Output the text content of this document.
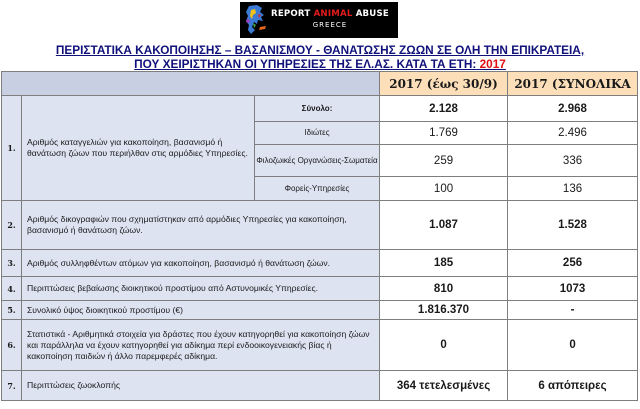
REPORT ANIMAL ABUSE
GREECE
ΠΕΡΙΣΤΑΤΙΚΑ ΚΑΚΟΠΟΙΗΣΗΣ – ΒΑΣΑΝΙΣΜΟΥ - ΘΑΝΑΤΩΣΗΣ ΖΩΩΝ ΣΕ ΟΛΗ ΤΗΝ ΕΠΙΚΡΑΤΕΙΑ,
ΠΟΥ ΧΕΙΡΙΣΤΗΚΑΝ ΟΙ ΥΠΗΡΕΣΙΕΣ ΤΗΣ ΕΛ.ΑΣ. ΚΑΤΑ ΤΑ ΕΤΗ: 2017
			2017 (έως 30/9)	2017 (ΣΥΝΟΛΙΚΑ
1.	Αριθμός καταγγελιών για κακοποίηση, βασανισμό ή θανάτωση ζώων που περιήλθαν στις αρμόδιες Υπηρεσίες.	Σύνολο:	2.128	2.968
		Ιδιώτες	1.769	2.496
		Φιλοζωικές Οργανώσεις-Σωματεία	259	336
		Φορείς-Υπηρεσίες	100	136
2.	Αριθμός δικογραφιών που σχηματίστηκαν από αρμόδιες Υπηρεσίες για κακοποίηση, βασανισμό ή θανάτωση ζώων.		1.087	1.528
3.	Αριθμός συλληφθέντων ατόμων για κακοποίηση, βασανισμό ή θανάτωση ζώων.		185	256
4.	Περιπτώσεις βεβαίωσης διοικητικού προστίμου από Αστυνομικές Υπηρεσίες.		810	1073
5.	Συνολικό ύψος διοικητικού προστίμου (€)		1.816.370	-
6.	Στατιστικά - Αριθμητικά στοιχεία για δράστες που έχουν κατηγορηθεί για κακοποίηση ζώων και παράλληλα να έχουν κατηγορηθεί για αδίκημα περί ενδοοικογενειακής βίας ή κακοποίηση παιδιών ή άλλο παρεμφερές αδίκημα.		0	0
7.	Περιπτώσεις ζωοκλοπής		364 τετελεσμένες	6 απόπειρες
